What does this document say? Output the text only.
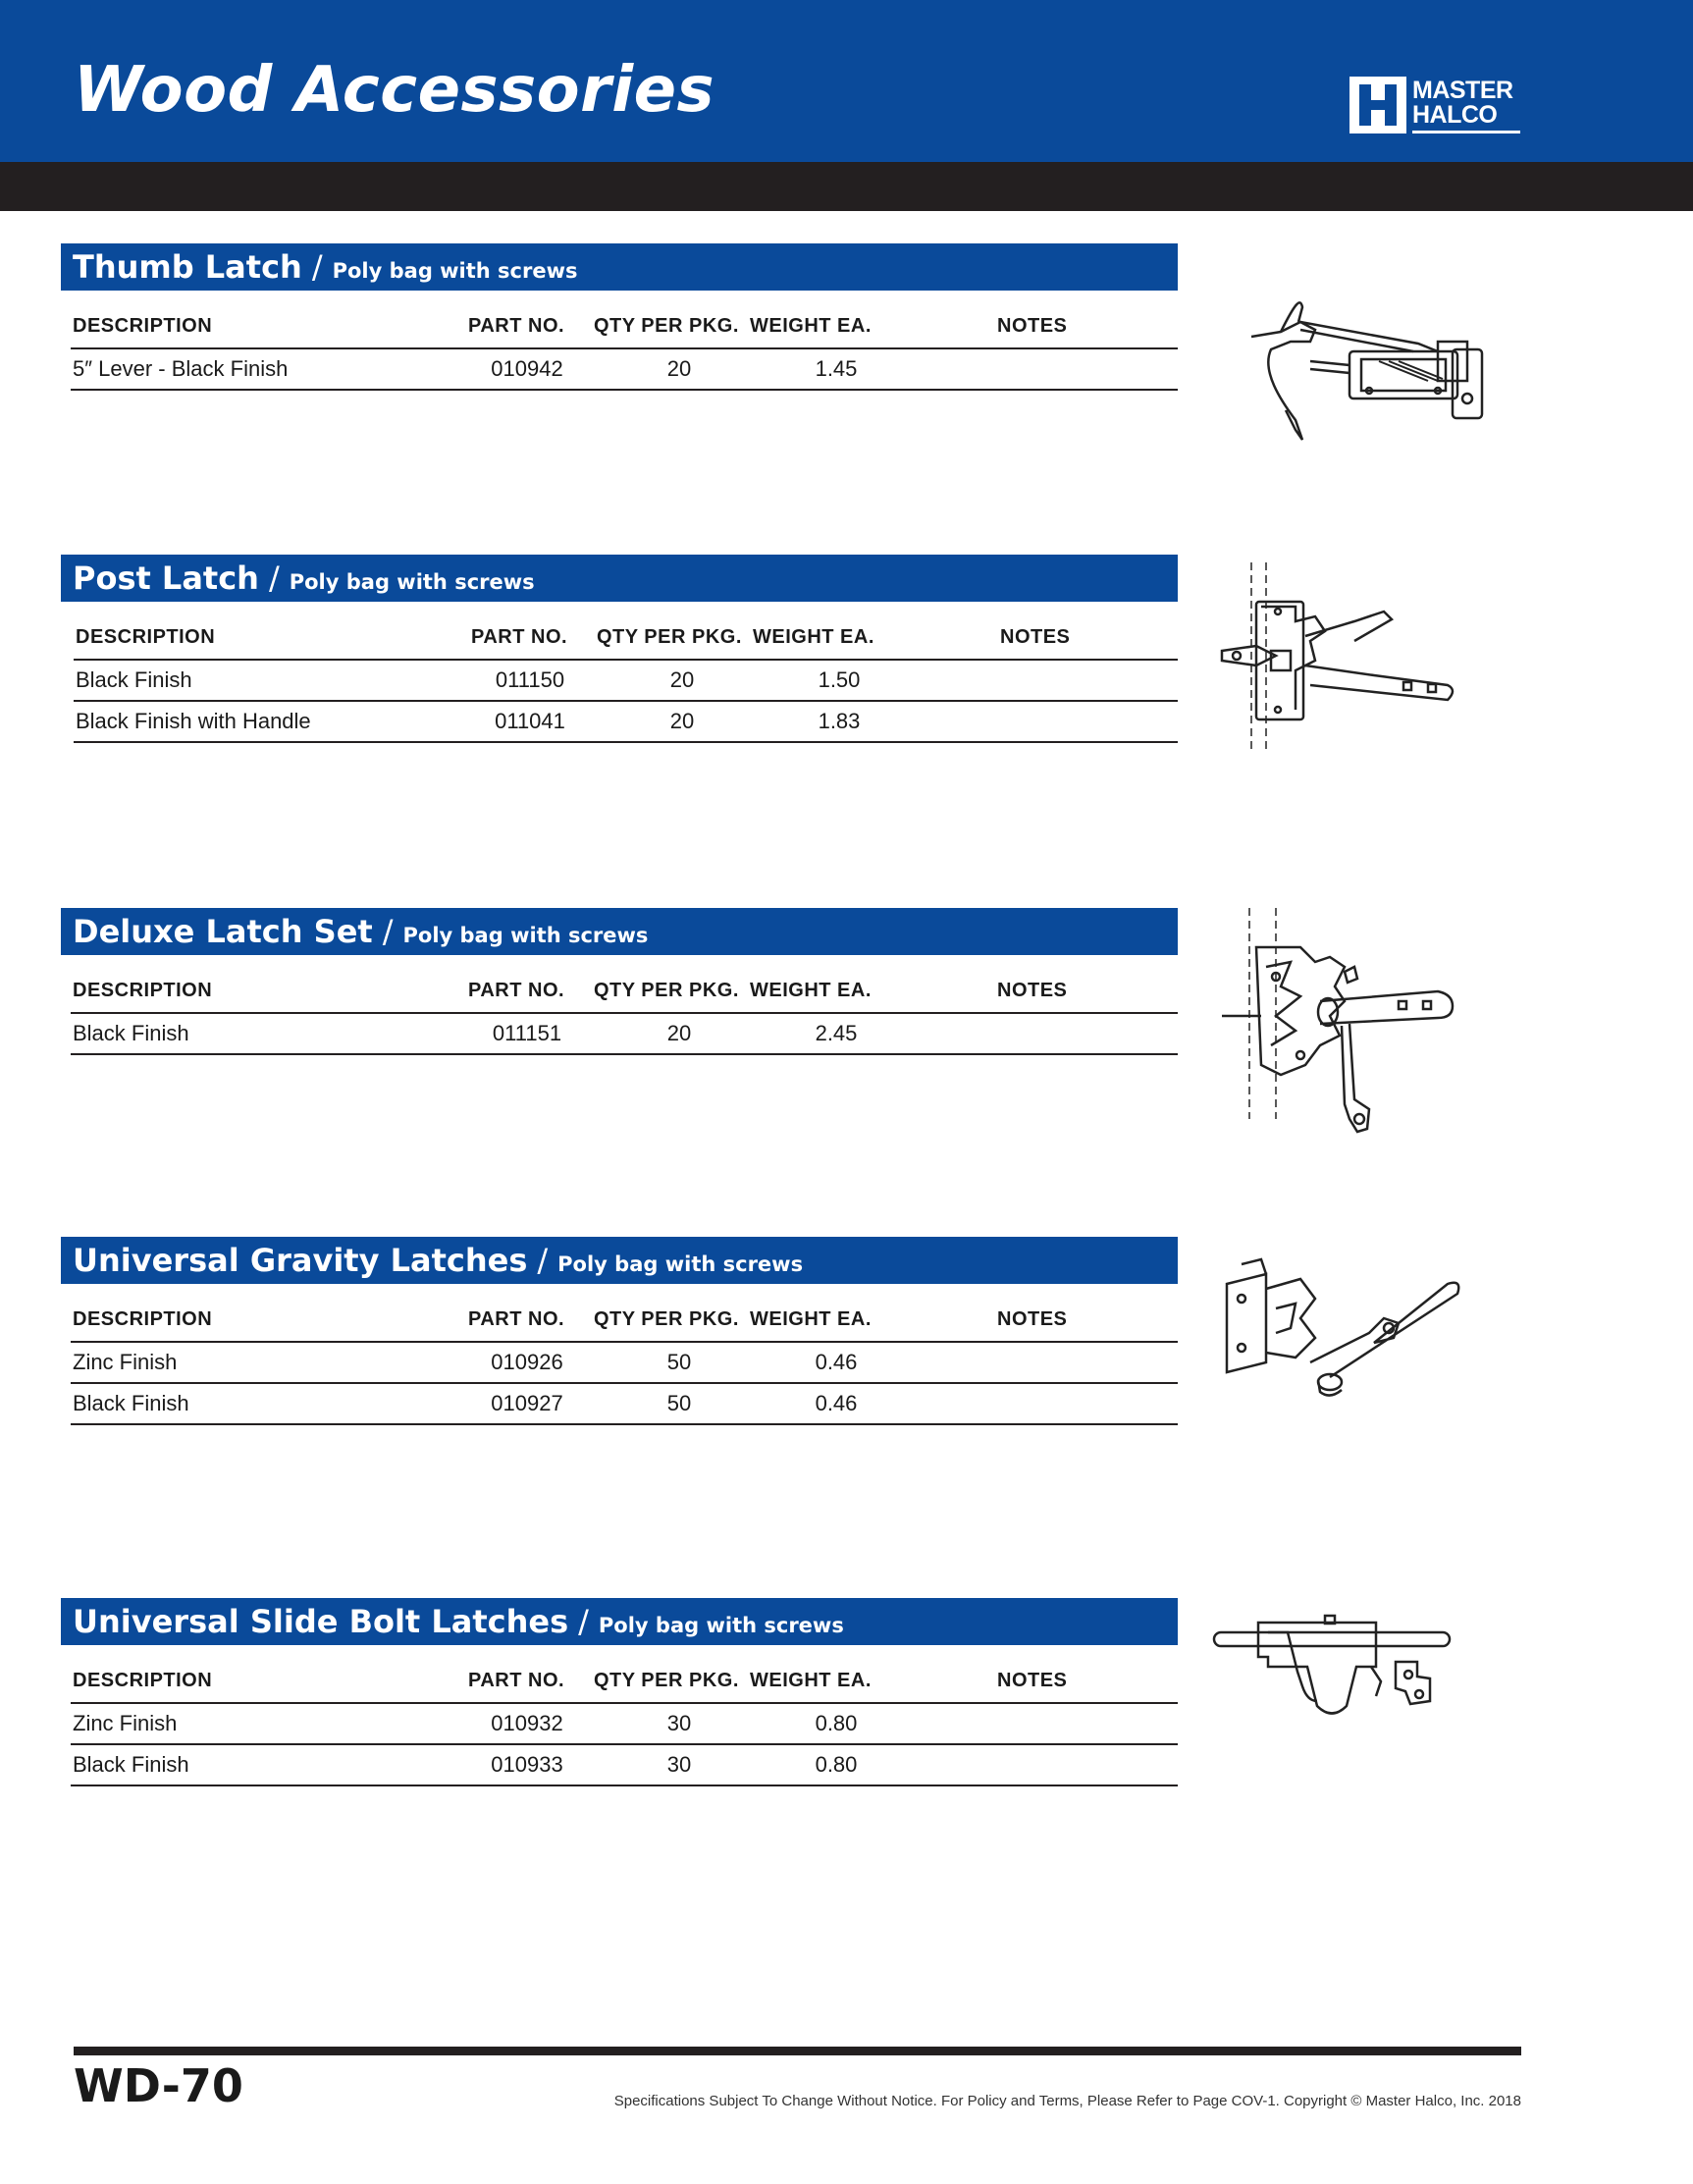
Wood Accessories	MASTER
HALCO
Thumb Latch / Poly bag with screws
DESCRIPTION	PART NO.	QTY PER PKG. WEIGHT EA.	NOTES
5″ Lever - Black Finish	010942	20	1.45
Post Latch / Poly bag with screws
DESCRIPTION	PART NO.	QTY PER PKG. WEIGHT EA.	NOTES
Black Finish	011150	20	1.50
Black Finish with Handle	011041	20	1.83
Deluxe Latch Set / Poly bag with screws
DESCRIPTION	PART NO.	QTY PER PKG. WEIGHT EA.	NOTES
Black Finish	011151	20	2.45
Universal Gravity Latches / Poly bag with screws
DESCRIPTION	PART NO.	QTY PER PKG. WEIGHT EA.	NOTES
Zinc Finish	010926	50	0.46
Black Finish	010927	50	0.46
Universal Slide Bolt Latches / Poly bag with screws
DESCRIPTION	PART NO.	QTY PER PKG. WEIGHT EA.	NOTES
Zinc Finish	010932	30	0.80
Black Finish	010933	30	0.80
WD-70	Specifications Subject To Change Without Notice. For Policy and Terms, Please Refer to Page COV-1. Copyright © Master Halco, Inc. 2018
